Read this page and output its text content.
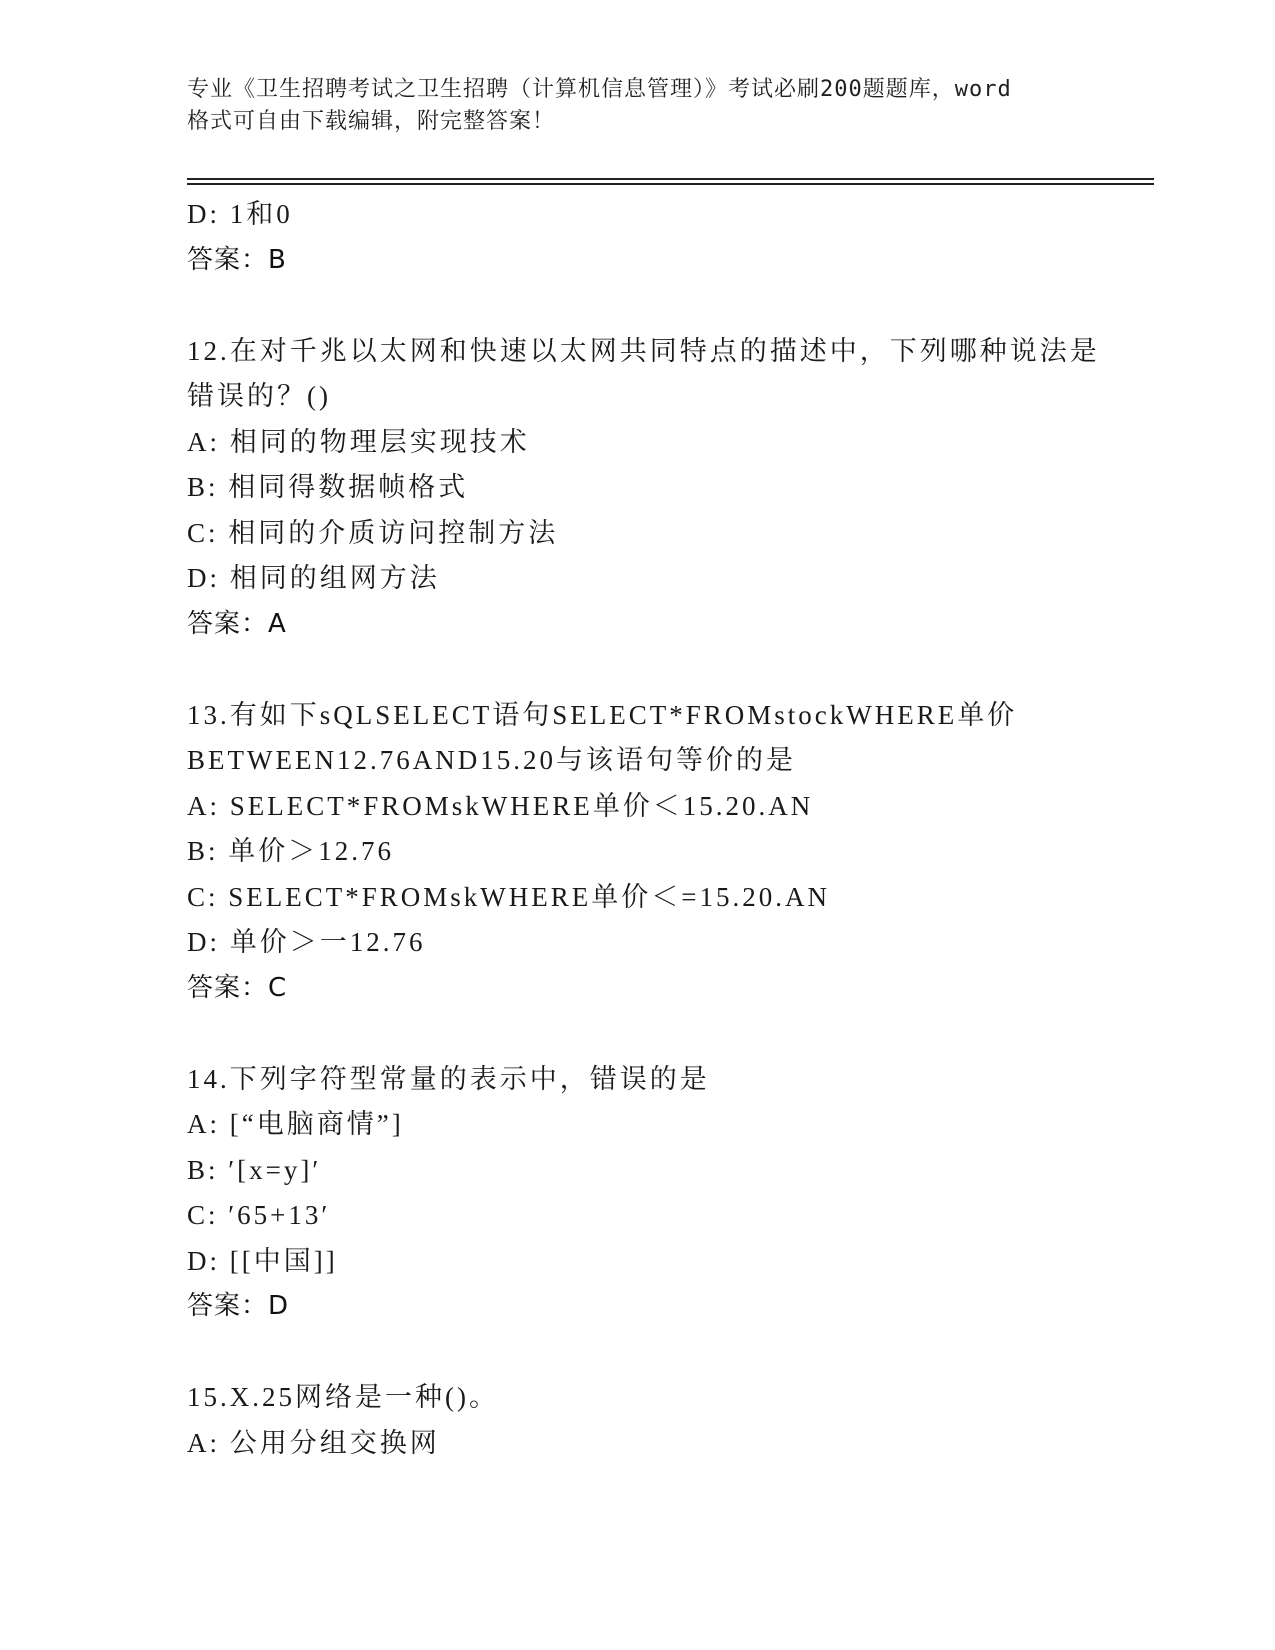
专业《卫生招聘考试之卫生招聘（计算机信息管理）》考试必刷200题题库，word
格式可自由下载编辑，附完整答案！
D: 1和0
答案：B
12.在对千兆以太网和快速以太网共同特点的描述中，下列哪种说法是
错误的？()
A: 相同的物理层实现技术
B: 相同得数据帧格式
C: 相同的介质访问控制方法
D: 相同的组网方法
答案：A
13.有如下sQLSELECT语句SELECT*FROMstockWHERE单价
BETWEEN12.76AND15.20与该语句等价的是
A: SELECT*FROMskWHERE单价＜15.20.AN
B: 单价＞12.76
C: SELECT*FROMskWHERE单价＜=15.20.AN
D: 单价＞一12.76
答案：C
14.下列字符型常量的表示中，错误的是
A: [“电脑商情”]
B: ′[x=y]′
C: ′65+13′
D: [[中国]]
答案：D
15.X.25网络是一种()。
A: 公用分组交换网
